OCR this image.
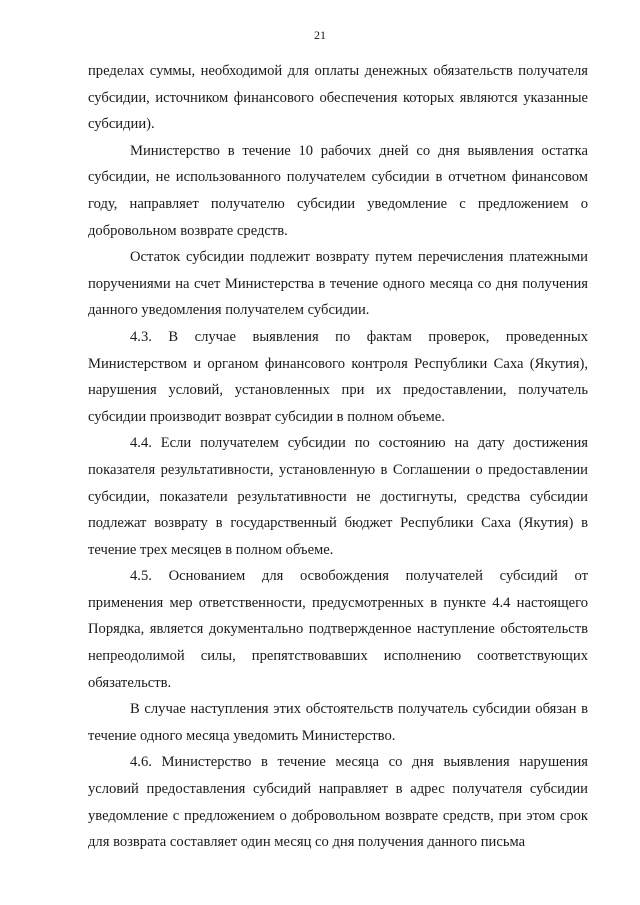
21

пределах суммы, необходимой для оплаты денежных обязательств получателя субсидии, источником финансового обеспечения которых являются указанные субсидии).

Министерство в течение 10 рабочих дней со дня выявления остатка субсидии, не использованного получателем субсидии в отчетном финансовом году, направляет получателю субсидии уведомление с предложением о добровольном возврате средств.

Остаток субсидии подлежит возврату путем перечисления платежными поручениями на счет Министерства в течение одного месяца со дня получения данного уведомления получателем субсидии.

4.3. В случае выявления по фактам проверок, проведенных Министерством и органом финансового контроля Республики Саха (Якутия), нарушения условий, установленных при их предоставлении, получатель субсидии производит возврат субсидии в полном объеме.

4.4. Если получателем субсидии по состоянию на дату достижения показателя результативности, установленную в Соглашении о предоставлении субсидии, показатели результативности не достигнуты, средства субсидии подлежат возврату в государственный бюджет Республики Саха (Якутия) в течение трех месяцев в полном объеме.

4.5. Основанием для освобождения получателей субсидий от применения мер ответственности, предусмотренных в пункте 4.4 настоящего Порядка, является документально подтвержденное наступление обстоятельств непреодолимой силы, препятствовавших исполнению соответствующих обязательств.

В случае наступления этих обстоятельств получатель субсидии обязан в течение одного месяца уведомить Министерство.

4.6. Министерство в течение месяца со дня выявления нарушения условий предоставления субсидий направляет в адрес получателя субсидии уведомление с предложением о добровольном возврате средств, при этом срок для возврата составляет один месяц со дня получения данного письма
